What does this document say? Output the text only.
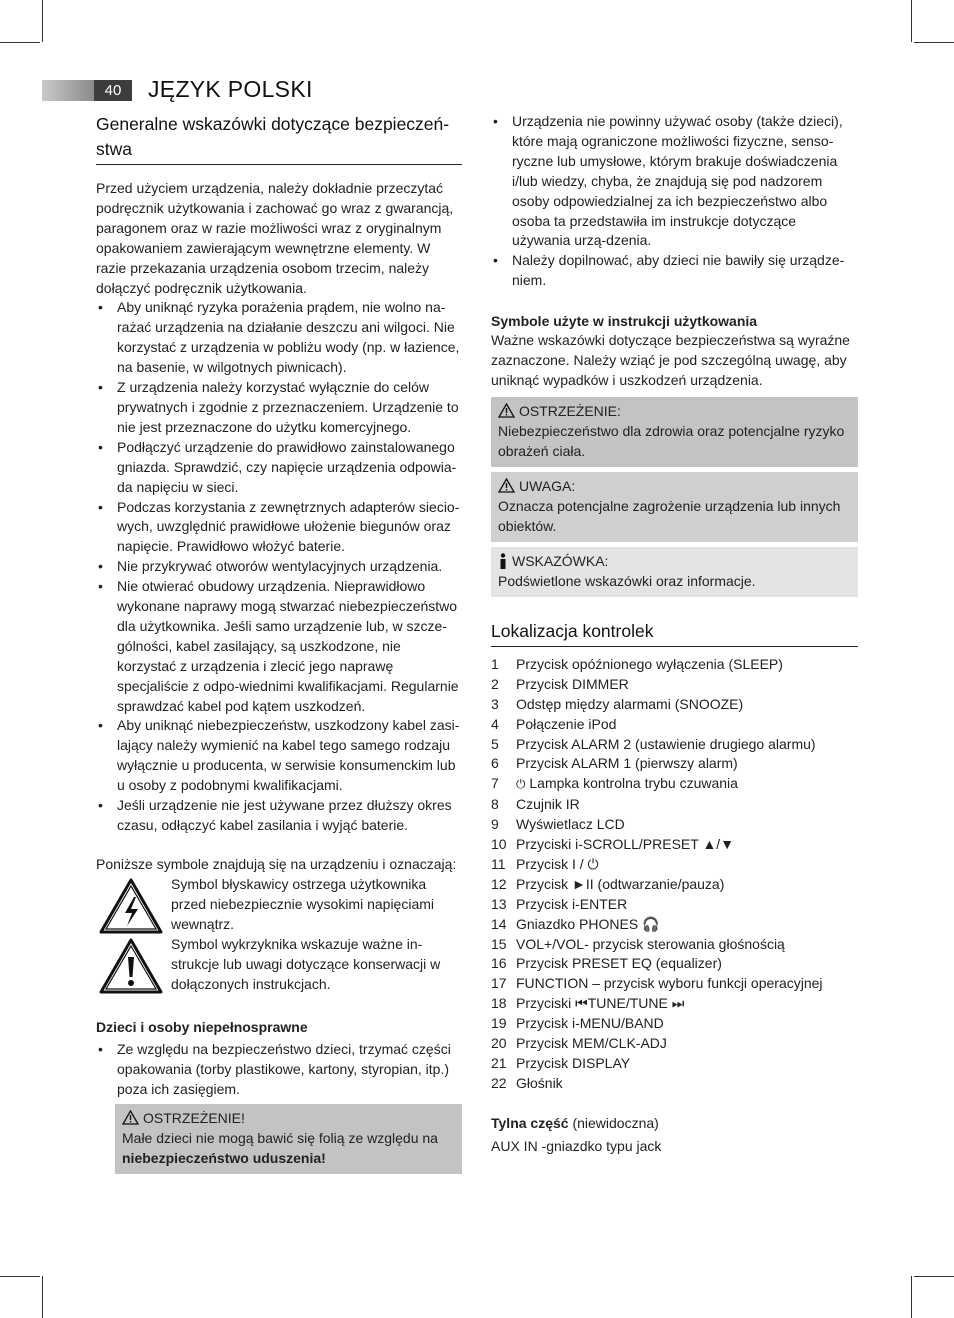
40	JĘZYK POLSKI
Generalne wskazówki dotyczące bezpieczeń-stwa

Przed użyciem urządzenia, należy dokładnie przeczytać podręcznik użytkowania i zachować go wraz z gwarancją, paragonem oraz w razie możliwości wraz z oryginalnym opakowaniem zawierającym wewnętrzne elementy. W razie przekazania urządzenia osobom trzecim, należy dołączyć podręcznik użytkowania.

• Aby uniknąć ryzyka porażenia prądem, nie wolno na-rażać urządzenia na działanie deszczu ani wilgoci. Nie korzystać z urządzenia w pobliżu wody (np. w łazience, na basenie, w wilgotnych piwnicach).
• Z urządzenia należy korzystać wyłącznie do celów prywatnych i zgodnie z przeznaczeniem. Urządzenie to nie jest przeznaczone do użytku komercyjnego.
• Podłączyć urządzenie do prawidłowo zainstalowanego gniazda. Sprawdzić, czy napięcie urządzenia odpowia-da napięciu w sieci.
• Podczas korzystania z zewnętrznych adapterów siecio-wych, uwzględnić prawidłowe ułożenie biegunów oraz napięcie. Prawidłowo włożyć baterie.
• Nie przykrywać otworów wentylacyjnych urządzenia.
• Nie otwierać obudowy urządzenia. Nieprawidłowo wykonane naprawy mogą stwarzać niebezpieczeństwo dla użytkownika. Jeśli samo urządzenie lub, w szcze-gólności, kabel zasilający, są uszkodzone, nie korzystać z urządzenia i zlecić jego naprawę specjaliście z odpo-wiednimi kwalifikacjami. Regularnie sprawdzać kabel pod kątem uszkodzeń.
• Aby uniknąć niebezpieczeństw, uszkodzony kabel zasi-lający należy wymienić na kabel tego samego rodzaju wyłącznie u producenta, w serwisie konsumenckim lub u osoby z podobnymi kwalifikacjami.
• Jeśli urządzenie nie jest używane przez dłuższy okres czasu, odłączyć kabel zasilania i wyjąć baterie.

Poniższe symbole znajdują się na urządzeniu i oznaczają:

Symbol błyskawicy ostrzega użytkownika przed niebezpiecznie wysokimi napięciami wewnątrz.

Symbol wykrzyknika wskazuje ważne in-strukcje lub uwagi dotyczące konserwacji w dołączonych instrukcjach.

Dzieci i osoby niepełnosprawne
• Ze względu na bezpieczeństwo dzieci, trzymać części opakowania (torby plastikowe, kartony, styropian, itp.) poza ich zasięgiem.
OSTRZEŻENIE!

Małe dzieci nie mogą bawić się folią ze względu na niebezpieczeństwo uduszenia!

• Urządzenia nie powinny używać osoby (także dzieci), które mają ograniczone możliwości fizyczne, senso-ryczne lub umysłowe, którym brakuje doświadczenia i/lub wiedzy, chyba, że znajdują się pod nadzorem osoby odpowiedzialnej za ich bezpieczeństwo albo osoba ta przedstawiła im instrukcje dotyczące używania urzą-dzenia.
• Należy dopilnować, aby dzieci nie bawiły się urządze-niem.
Symbole użyte w instrukcji użytkowania

Ważne wskazówki dotyczące bezpieczeństwa są wyraźne zaznaczone. Należy wziąć je pod szczególną uwagę, aby uniknąć wypadków i uszkodzeń urządzenia.

OSTRZEŻENIE:

Niebezpieczeństwo dla zdrowia oraz potencjalne ryzyko obrażeń ciała.

UWAGA:

Oznacza potencjalne zagrożenie urządzenia lub innych obiektów.

WSKAZÓWKA:

Podświetlone wskazówki oraz informacje.

Lokalizacja kontrolek
1 Przycisk opóźnionego wyłączenia (SLEEP)
2 Przycisk DIMMER
3 Odstęp między alarmami (SNOOZE)
4 Połączenie iPod
5 Przycisk ALARM 2 (ustawienie drugiego alarmu)
6 Przycisk ALARM 1 (pierwszy alarm)
7 ⏻ Lampka kontrolna trybu czuwania
8 Czujnik IR
9 Wyświetlacz LCD
10 Przyciski i-SCROLL/PRESET ▲/▼
11 Przycisk I / ⏻
12 Przycisk ►II (odtwarzanie/pauza)
13 Przycisk i-ENTER
14 Gniazdko PHONES 🎧
15 VOL+/VOL- przycisk sterowania głośnością
16 Przycisk PRESET EQ (equalizer)
17 FUNCTION – przycisk wyboru funkcji operacyjnej
18 Przyciski ⏮TUNE/TUNE ⏭
19 Przycisk i-MENU/BAND
20 Przycisk MEM/CLK-ADJ
21 Przycisk DISPLAY
22 Głośnik

Tylna część (niewidoczna)

AUX IN -gniazdko typu jack
